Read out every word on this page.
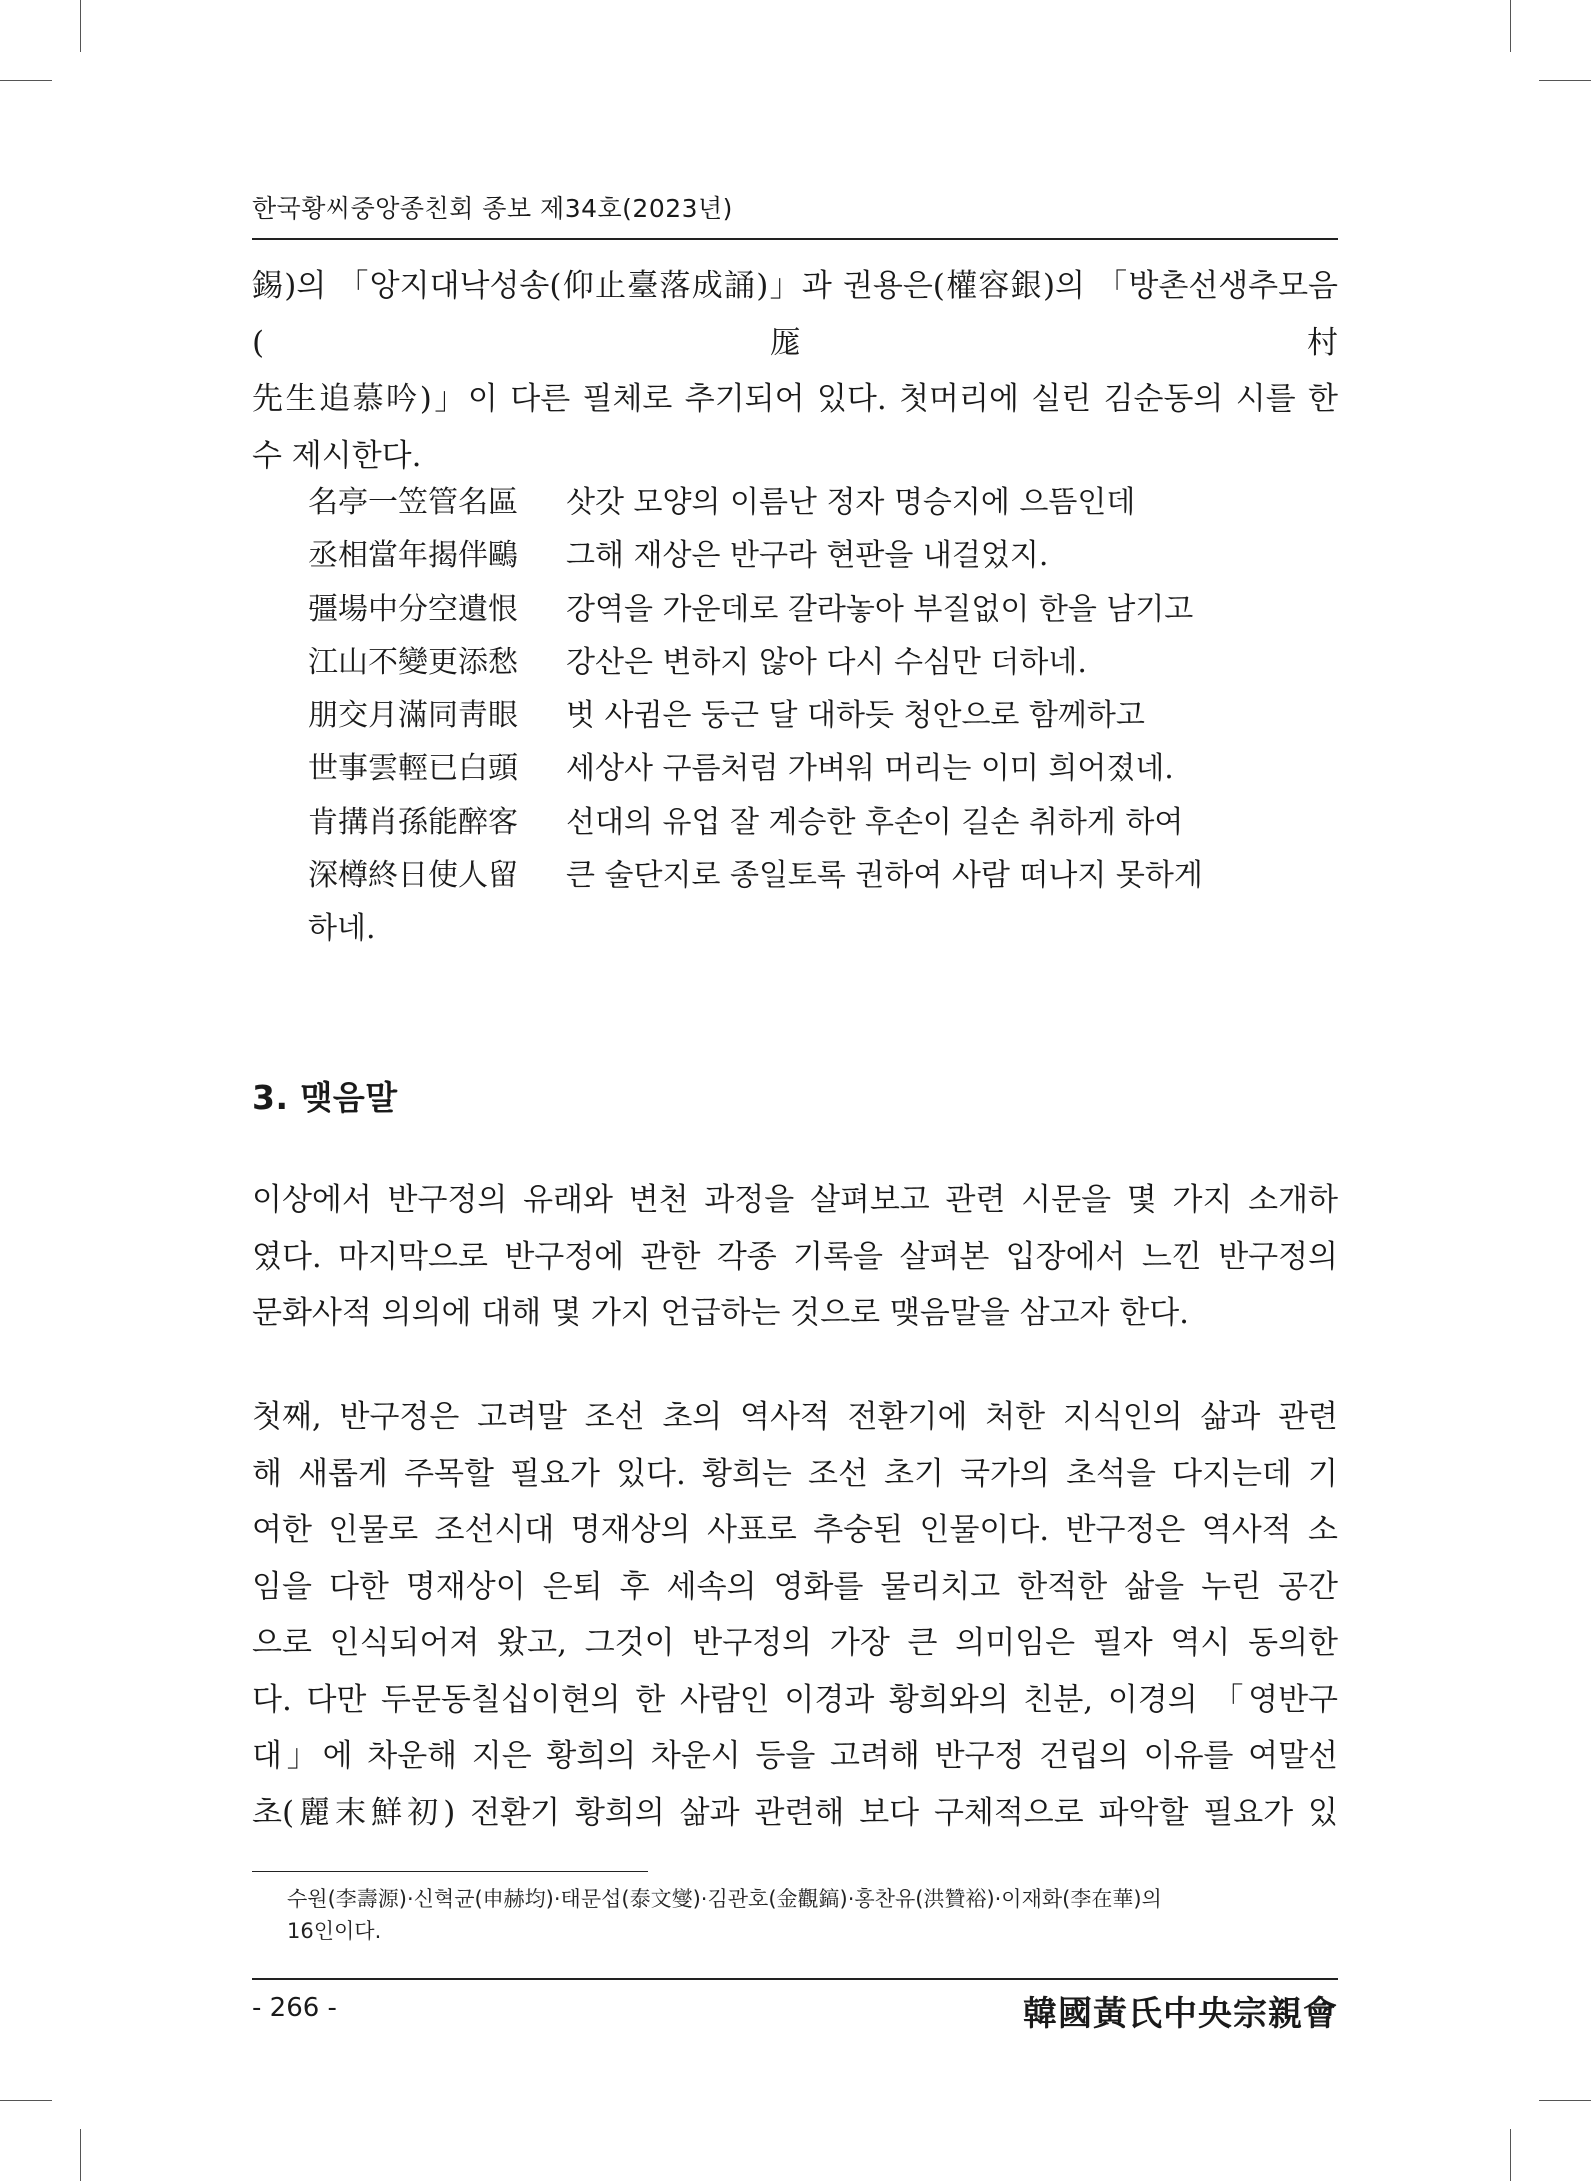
한국황씨중앙종친회 종보 제34호(2023년)

錫)의 「앙지대낙성송(仰止臺落成誦)」과 권용은(權容銀)의 「방촌선생추모음(厖村
先生追慕吟)」이 다른 필체로 추기되어 있다. 첫머리에 실린 김순동의 시를 한
수 제시한다.

名亭一笠管名區 삿갓 모양의 이름난 정자 명승지에 으뜸인데
丞相當年揭伴鷗 그해 재상은 반구라 현판을 내걸었지.
彊場中分空遺恨 강역을 가운데로 갈라놓아 부질없이 한을 남기고
江山不變更添愁 강산은 변하지 않아 다시 수심만 더하네.
朋交月滿同靑眼 벗 사귐은 둥근 달 대하듯 청안으로 함께하고
世事雲輕已白頭 세상사 구름처럼 가벼워 머리는 이미 희어졌네.
肯搆肖孫能醉客 선대의 유업 잘 계승한 후손이 길손 취하게 하여
深樽終日使人留 큰 술단지로 종일토록 권하여 사람 떠나지 못하게
하네.
3. 맺음말

이상에서 반구정의 유래와 변천 과정을 살펴보고 관련 시문을 몇 가지 소개하
였다. 마지막으로 반구정에 관한 각종 기록을 살펴본 입장에서 느낀 반구정의
문화사적 의의에 대해 몇 가지 언급하는 것으로 맺음말을 삼고자 한다.

첫째, 반구정은 고려말 조선 초의 역사적 전환기에 처한 지식인의 삶과 관련
해 새롭게 주목할 필요가 있다. 황희는 조선 초기 국가의 초석을 다지는데 기
여한 인물로 조선시대 명재상의 사표로 추숭된 인물이다. 반구정은 역사적 소
임을 다한 명재상이 은퇴 후 세속의 영화를 물리치고 한적한 삶을 누린 공간
으로 인식되어져 왔고, 그것이 반구정의 가장 큰 의미임은 필자 역시 동의한
다. 다만 두문동칠십이현의 한 사람인 이경과 황희와의 친분, 이경의 「영반구
대」에 차운해 지은 황희의 차운시 등을 고려해 반구정 건립의 이유를 여말선
초(麗末鮮初) 전환기 황희의 삶과 관련해 보다 구체적으로 파악할 필요가 있

수원(李壽源)·신혁균(申赫均)·태문섭(泰文燮)·김관호(金觀鎬)·홍찬유(洪贊裕)·이재화(李在華)의
16인이다.
- 266 -	韓國黃氏中央宗親會
